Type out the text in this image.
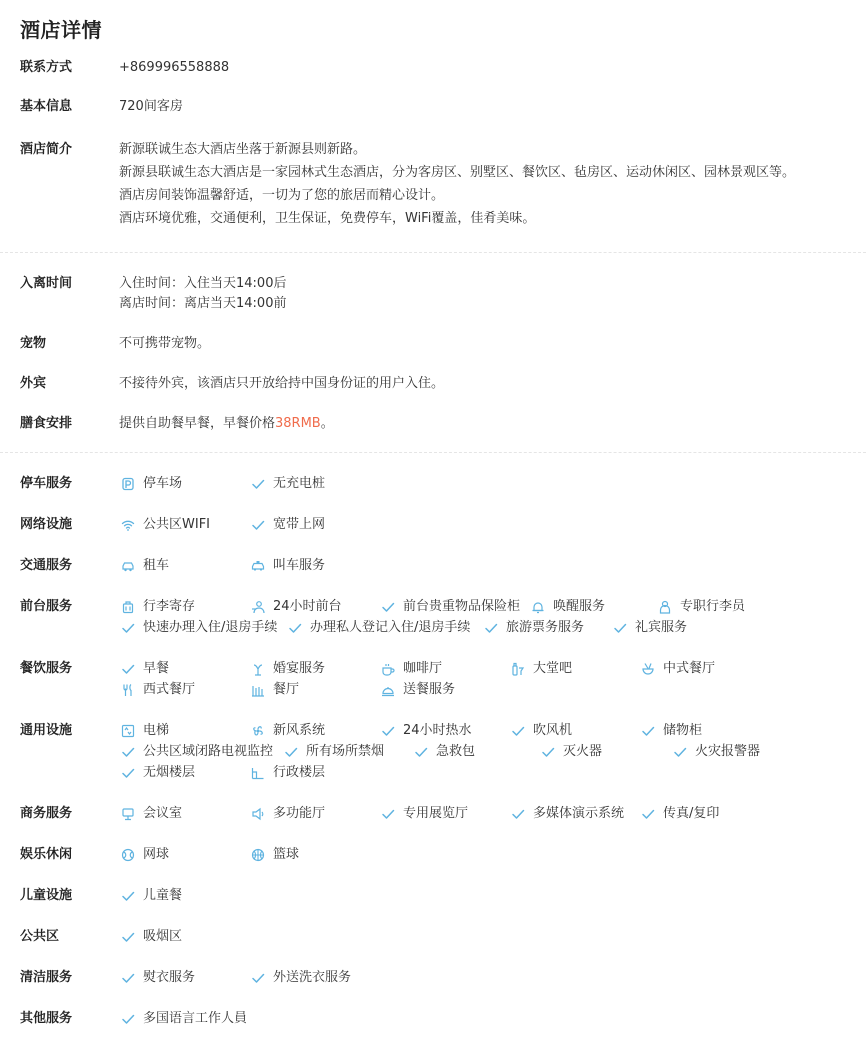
酒店详情
联系方式	+869996558888
基本信息	720间客房
酒店简介	新源联诚生态大酒店坐落于新源县则新路。
新源县联诚生态大酒店是一家园林式生态酒店，分为客房区、别墅区、餐饮区、毡房区、运动休闲区、园林景观区等。
酒店房间装饰温馨舒适，一切为了您的旅居而精心设计。
酒店环境优雅，交通便利，卫生保证，免费停车，WiFi覆盖，佳肴美味。
入离时间	入住时间：入住当天14:00后
离店时间：离店当天14:00前
宠物	不可携带宠物。
外宾	不接待外宾，该酒店只开放给持中国身份证的用户入住。
膳食安排	提供自助餐早餐，早餐价格38RMB。
停车服务	停车场	无充电桩
网络设施	公共区WIFI	宽带上网
交通服务	租车	叫车服务
前台服务	行李寄存	24小时前台	前台贵重物品保险柜	唤醒服务	专职行李员
快速办理入住/退房手续	办理私人登记入住/退房手续	旅游票务服务	礼宾服务
餐饮服务	早餐	婚宴服务	咖啡厅	大堂吧	中式餐厅
西式餐厅	餐厅	送餐服务
通用设施	电梯	新风系统	24小时热水	吹风机	储物柜
公共区域闭路电视监控	所有场所禁烟	急救包	灭火器	火灾报警器
无烟楼层	行政楼层
商务服务	会议室	多功能厅	专用展览厅	多媒体演示系统	传真/复印
娱乐休闲	网球	篮球
儿童设施	儿童餐
公共区	吸烟区
清洁服务	熨衣服务	外送洗衣服务
其他服务	多国语言工作人員
